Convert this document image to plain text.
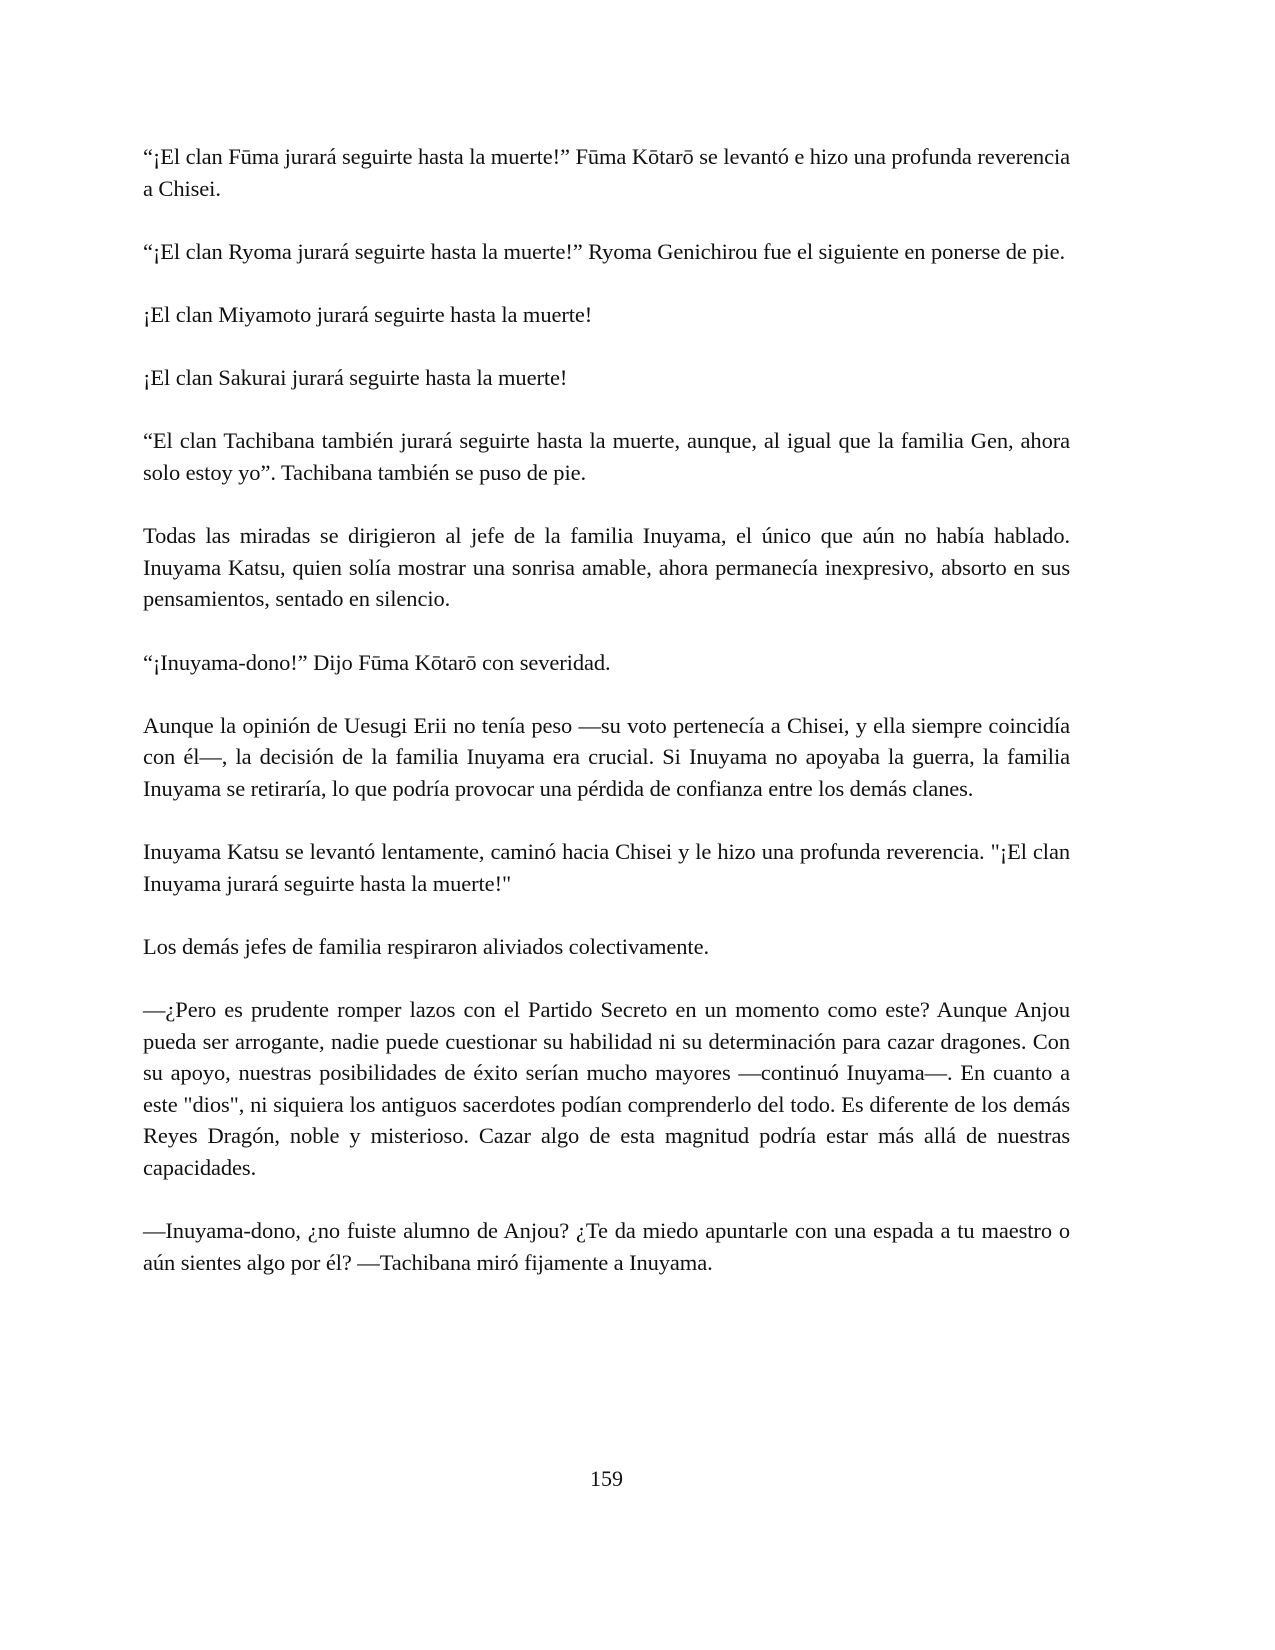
“¡El clan Fūma jurará seguirte hasta la muerte!” Fūma Kōtarō se levantó e hizo una profunda reverencia a Chisei.

“¡El clan Ryoma jurará seguirte hasta la muerte!” Ryoma Genichirou fue el siguiente en ponerse de pie.

¡El clan Miyamoto jurará seguirte hasta la muerte!

¡El clan Sakurai jurará seguirte hasta la muerte!

“El clan Tachibana también jurará seguirte hasta la muerte, aunque, al igual que la familia Gen, ahora solo estoy yo”. Tachibana también se puso de pie.

Todas las miradas se dirigieron al jefe de la familia Inuyama, el único que aún no había hablado. Inuyama Katsu, quien solía mostrar una sonrisa amable, ahora permanecía inexpresivo, absorto en sus pensamientos, sentado en silencio.

“¡Inuyama-dono!” Dijo Fūma Kōtarō con severidad.

Aunque la opinión de Uesugi Erii no tenía peso —su voto pertenecía a Chisei, y ella siempre coincidía con él—, la decisión de la familia Inuyama era crucial. Si Inuyama no apoyaba la guerra, la familia Inuyama se retiraría, lo que podría provocar una pérdida de confianza entre los demás clanes.

Inuyama Katsu se levantó lentamente, caminó hacia Chisei y le hizo una profunda reverencia. "¡El clan Inuyama jurará seguirte hasta la muerte!"

Los demás jefes de familia respiraron aliviados colectivamente.

—¿Pero es prudente romper lazos con el Partido Secreto en un momento como este? Aunque Anjou pueda ser arrogante, nadie puede cuestionar su habilidad ni su determinación para cazar dragones. Con su apoyo, nuestras posibilidades de éxito serían mucho mayores —continuó Inuyama—. En cuanto a este "dios", ni siquiera los antiguos sacerdotes podían comprenderlo del todo. Es diferente de los demás Reyes Dragón, noble y misterioso. Cazar algo de esta magnitud podría estar más allá de nuestras capacidades.

—Inuyama-dono, ¿no fuiste alumno de Anjou? ¿Te da miedo apuntarle con una espada a tu maestro o aún sientes algo por él? —Tachibana miró fijamente a Inuyama.

159
